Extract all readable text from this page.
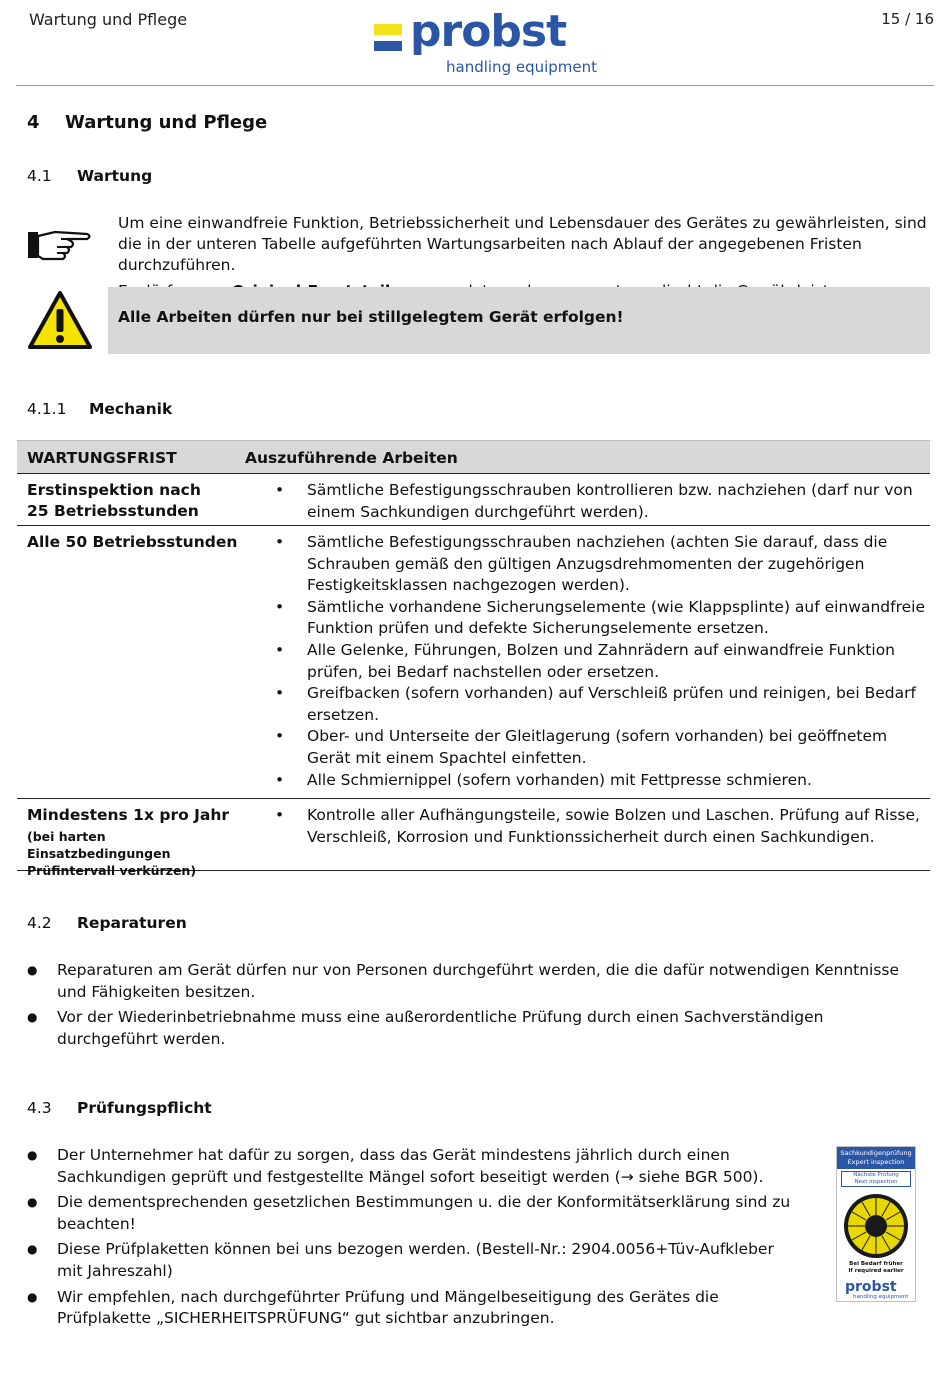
Wartung und Pflege	probst
handling equipment
15 / 16
4 Wartung und Pflege
4.1 Wartung

Um eine einwandfreie Funktion, Betriebssicherheit und Lebensdauer des Gerätes zu gewährleisten, sind die in der unteren Tabelle aufgeführten Wartungsarbeiten nach Ablauf der angegebenen Fristen durchzuführen.

Alle Arbeiten dürfen nur bei stillgelegtem Gerät erfolgen!
4.1.1 Mechanik
WARTUNGSFRIST	Auszuführende Arbeiten
Erstinspektion nach
25 Betriebsstunden
• Sämtliche Befestigungsschrauben kontrollieren bzw. nachziehen (darf nur von einem Sachkundigen durchgeführt werden).
Alle 50 Betriebsstunden
•	Sämtliche Befestigungsschrauben nachziehen (achten Sie darauf, dass die Schrauben gemäß den gültigen Anzugsdrehmomenten der zugehörigen Festigkeitsklassen nachgezogen werden).
• Sämtliche vorhandene Sicherungselemente (wie Klappsplinte) auf einwandfreie Funktion prüfen und defekte Sicherungselemente ersetzen.
• Alle Gelenke, Führungen, Bolzen und Zahnrädern auf einwandfreie Funktion prüfen, bei Bedarf nachstellen oder ersetzen.
• Greifbacken (sofern vorhanden) auf Verschleiß prüfen und reinigen, bei Bedarf ersetzen.
• Ober- und Unterseite der Gleitlagerung (sofern vorhanden) bei geöffnetem Gerät mit einem Spachtel einfetten.
• Alle Schmiernippel (sofern vorhanden) mit Fettpresse schmieren.
Mindestens 1x pro Jahr
(bei harten Einsatzbedingungen Prüfintervall verkürzen)
• Kontrolle aller Aufhängungsteile, sowie Bolzen und Laschen. Prüfung auf Risse, Verschleiß, Korrosion und Funktionssicherheit durch einen Sachkundigen.
4.2 Reparaturen
● Reparaturen am Gerät dürfen nur von Personen durchgeführt werden, die die dafür notwendigen Kenntnisse und Fähigkeiten besitzen.
● Vor der Wiederinbetriebnahme muss eine außerordentliche Prüfung durch einen Sachverständigen durchgeführt werden.
4.3 Prüfungspflicht
● Der Unternehmer hat dafür zu sorgen, dass das Gerät mindestens jährlich durch einen Sachkundigen geprüft und festgestellte Mängel sofort beseitigt werden (→ siehe BGR 500).
● Die dementsprechenden gesetzlichen Bestimmungen u. die der Konformitätserklärung sind zu beachten!
● Diese Prüfplaketten können bei uns bezogen werden. (Bestell-Nr.: 2904.0056+Tüv-Aufkleber mit Jahreszahl)
● Wir empfehlen, nach durchgeführter Prüfung und Mängelbeseitigung des Gerätes die Prüfplakette „SICHERHEITSPRÜFUNG“ gut sichtbar anzubringen.
Sachkundigenprüfung
Expert inspection
Nächste Prüfung
Next inspection
Bei Bedarf früher
If required earlier
probst
handling equipment
